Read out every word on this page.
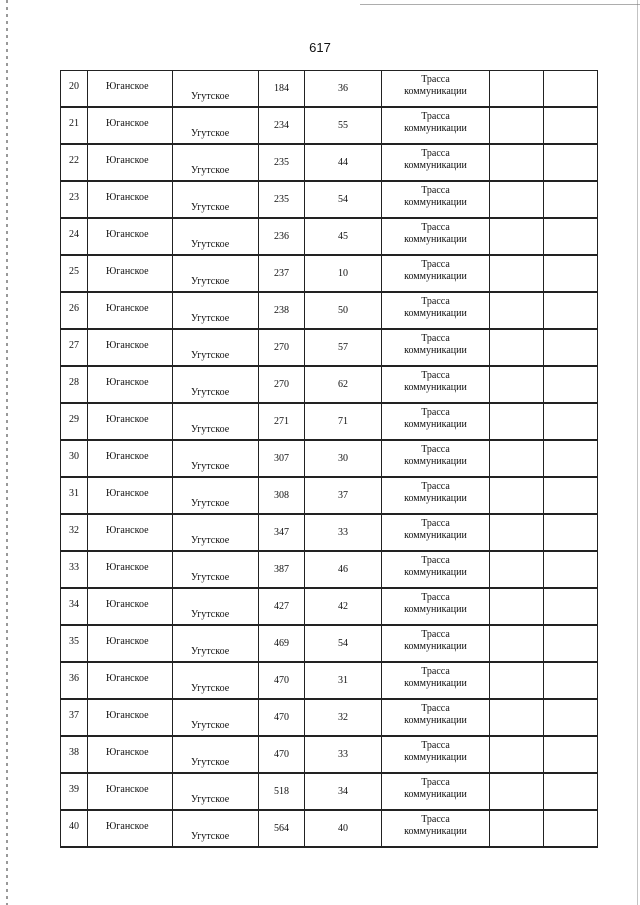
617
20	Юганское	Угутское	184	36	Трасса
коммуникации		

21	Юганское	Угутское	234	55	Трасса
коммуникации		

22	Юганское	Угутское	235	44	Трасса
коммуникации		

23	Юганское	Угутское	235	54	Трасса
коммуникации		

24	Юганское	Угутское	236	45	Трасса
коммуникации		

25	Юганское	Угутское	237	10	Трасса
коммуникации		

26	Юганское	Угутское	238	50	Трасса
коммуникации		

27	Юганское	Угутское	270	57	Трасса
коммуникации		

28	Юганское	Угутское	270	62	Трасса
коммуникации		

29	Юганское	Угутское	271	71	Трасса
коммуникации		

30	Юганское	Угутское	307	30	Трасса
коммуникации		

31	Юганское	Угутское	308	37	Трасса
коммуникации		

32	Юганское	Угутское	347	33	Трасса
коммуникации		

33	Юганское	Угутское	387	46	Трасса
коммуникации		

34	Юганское	Угутское	427	42	Трасса
коммуникации		

35	Юганское	Угутское	469	54	Трасса
коммуникации		

36	Юганское	Угутское	470	31	Трасса
коммуникации		

37	Юганское	Угутское	470	32	Трасса
коммуникации		

38	Юганское	Угутское	470	33	Трасса
коммуникации		

39	Юганское	Угутское	518	34	Трасса
коммуникации		

40	Юганское	Угутское	564	40	Трасса
коммуникации		
